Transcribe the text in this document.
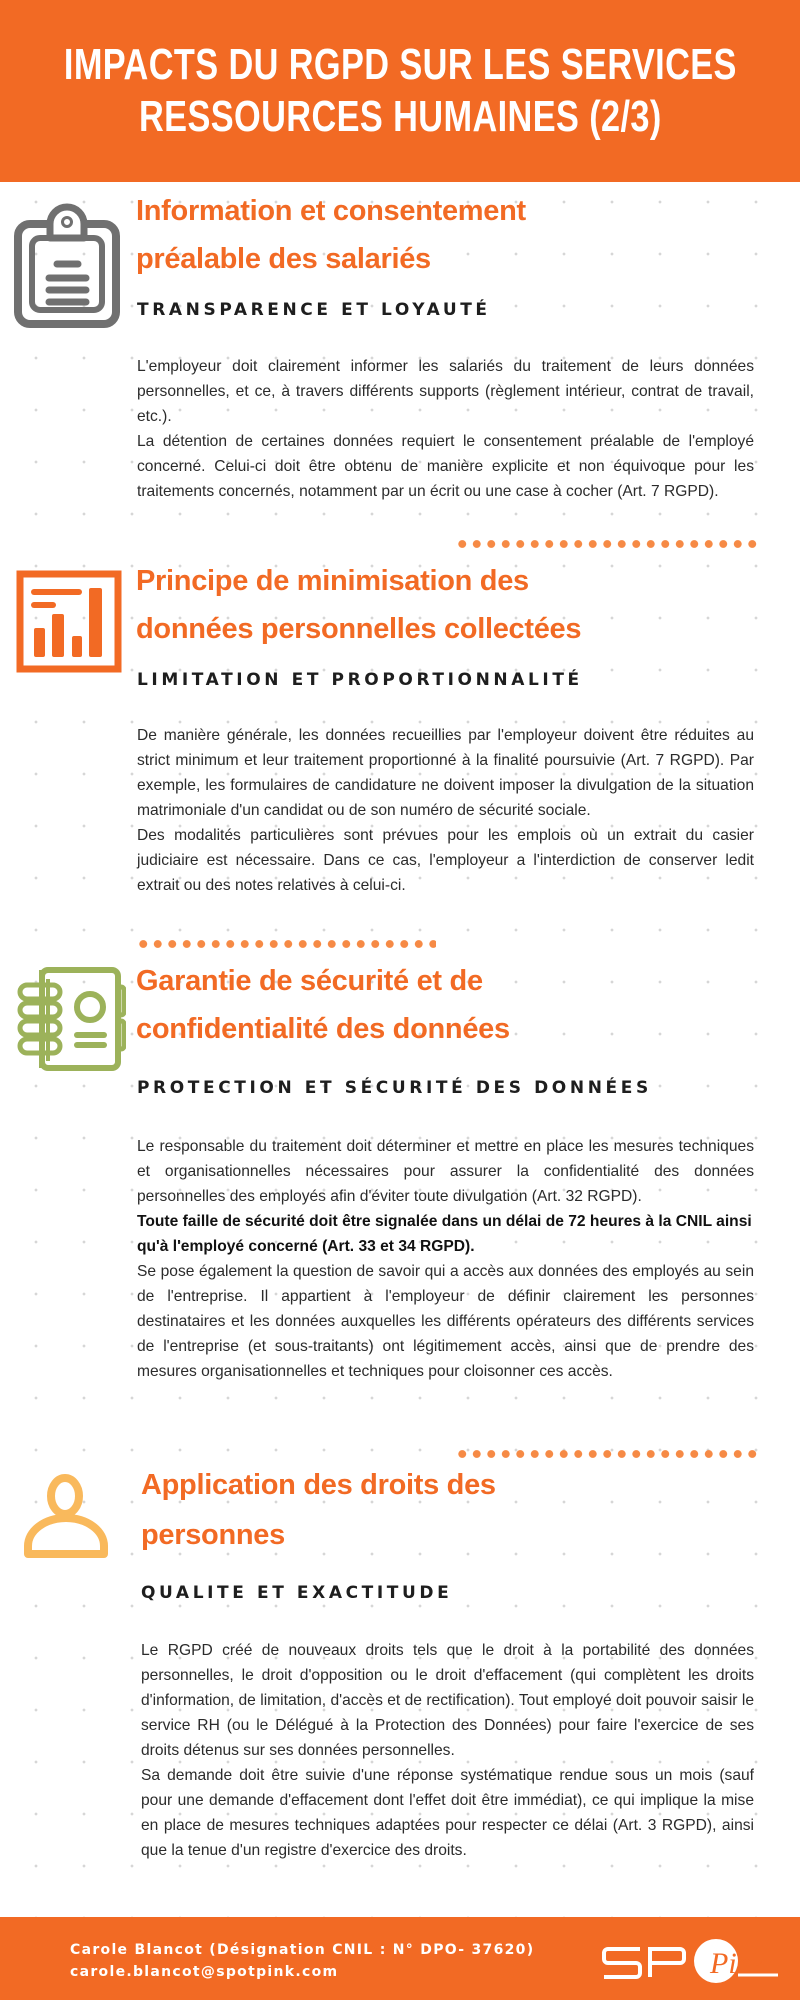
IMPACTS DU RGPD SUR LES SERVICES
RESSOURCES HUMAINES (2/3)
Information et consentement
préalable des salariés
TRANSPARENCE ET LOYAUTÉ

L'employeur doit clairement informer les salariés du traitement de leurs données personnelles, et ce, à travers différents supports (règlement intérieur, contrat de travail, etc.).

La détention de certaines données requiert le consentement préalable de l'employé concerné. Celui-ci doit être obtenu de manière explicite et non équivoque pour les traitements concernés, notamment par un écrit ou une case à cocher (Art. 7 RGPD).

Principe de minimisation des
données personnelles collectées
LIMITATION ET PROPORTIONNALITÉ

De manière générale, les données recueillies par l'employeur doivent être réduites au strict minimum et leur traitement proportionné à la finalité poursuivie (Art. 7 RGPD). Par exemple, les formulaires de candidature ne doivent imposer la divulgation de la situation matrimoniale d'un candidat ou de son numéro de sécurité sociale.

Des modalités particulières sont prévues pour les emplois où un extrait du casier judiciaire est nécessaire. Dans ce cas, l'employeur a l'interdiction de conserver ledit extrait ou des notes relatives à celui-ci.

Garantie de sécurité et de
confidentialité des données
PROTECTION ET SÉCURITÉ DES DONNÉES

Le responsable du traitement doit déterminer et mettre en place les mesures techniques et organisationnelles nécessaires pour assurer la confidentialité des données personnelles des employés afin d'éviter toute divulgation (Art. 32 RGPD).

Toute faille de sécurité doit être signalée dans un délai de 72 heures à la CNIL ainsi qu'à l'employé concerné (Art. 33 et 34 RGPD).

Se pose également la question de savoir qui a accès aux données des employés au sein de l'entreprise. Il appartient à l'employeur de définir clairement les personnes destinataires et les données auxquelles les différents opérateurs des différents services de l'entreprise (et sous-traitants) ont légitimement accès, ainsi que de prendre des mesures organisationnelles et techniques pour cloisonner ces accès.

Application des droits des
personnes
QUALITE ET EXACTITUDE

Le RGPD créé de nouveaux droits tels que le droit à la portabilité des données personnelles, le droit d'opposition ou le droit d'effacement (qui complètent les droits d'information, de limitation, d'accès et de rectification). Tout employé doit pouvoir saisir le service RH (ou le Délégué à la Protection des Données) pour faire l'exercice de ses droits détenus sur ses données personnelles.

Sa demande doit être suivie d'une réponse systématique rendue sous un mois (sauf pour une demande d'effacement dont l'effet doit être immédiat), ce qui implique la mise en place de mesures techniques adaptées pour respecter ce délai (Art. 3 RGPD), ainsi que la tenue d'un registre d'exercice des droits.

Carole Blancot (Désignation CNIL : N° DPO- 37620)
carole.blancot@spotpink.com	Pink
